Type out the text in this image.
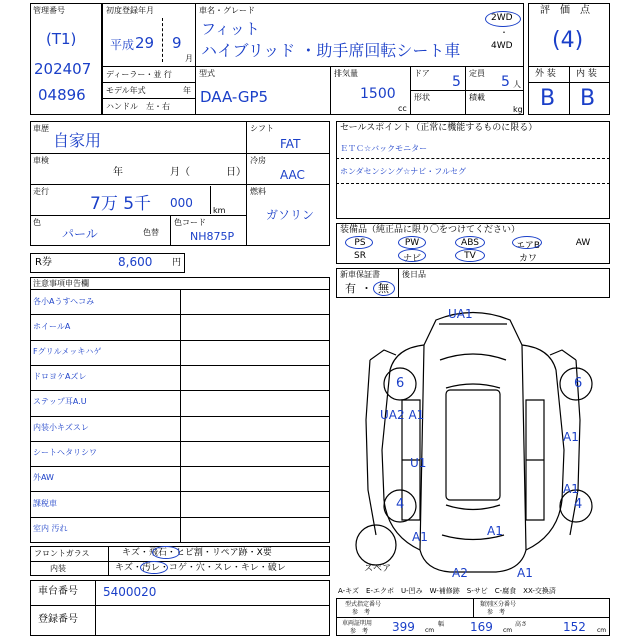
管理番号
(T1)
202407
04896
初度登録年月
平成 29 9
月
車名・グレード
フィット
ハイブリッド ・助手席回転シート車
2WD
・
4WD
ディーラー・並 行
モデル年式	年
ハンドル　左・右
型式
DAA-GP5
排気量
1500
cc
ドア
5
定員
5 人
形状	積載
kg
評　価　点
(4)
外 装 内 装
B B
車歴
自家用
車検
年	月（	日）
走行
7万 5千 000
km
色
パール	色替
色コード
NH875P
シフト
FAT
冷房
AAC
燃料
ガソリン
R券	8,600 円
注意事項申告欄
各小Aうすヘコみ
ホイールA
Fグリルメッキハゲ
ドロヨケAズレ
ステップ耳A.U
内装小キズスレ
シートヘタリシワ
外AW
課税車
室内 汚れ
フロントガラス	キズ・飛石・ヒビ割・リペア跡・X要
内装	キズ・汚レ・コゲ・穴・スレ・キレ・破レ
車台番号 5400020
登録番号
セールスポイント（正常に機能するものに限る）
ＥＴＣ☆バックモニター
ホンダセンシング☆ナビ・フルセグ
装備品（純正品に限り〇をつけてください）
PS	PW	ABS	エアB	AW
SR	ナビ	TV	カワ
新車保証書
有 ・ 無
後日品
UA1
6	6
UA2 A1
A1
U1
A1
4	4
A1
A1
A2	A1
スペア
A-キズ　E-エクボ　U-凹み　W-補修跡　S-サビ　C-腐食　XX-交換済
型式指定番号
参　考
類別区分番号
参　考
車両証明用
参　考 399 cm
幅 169 cm
高さ	152 cm
